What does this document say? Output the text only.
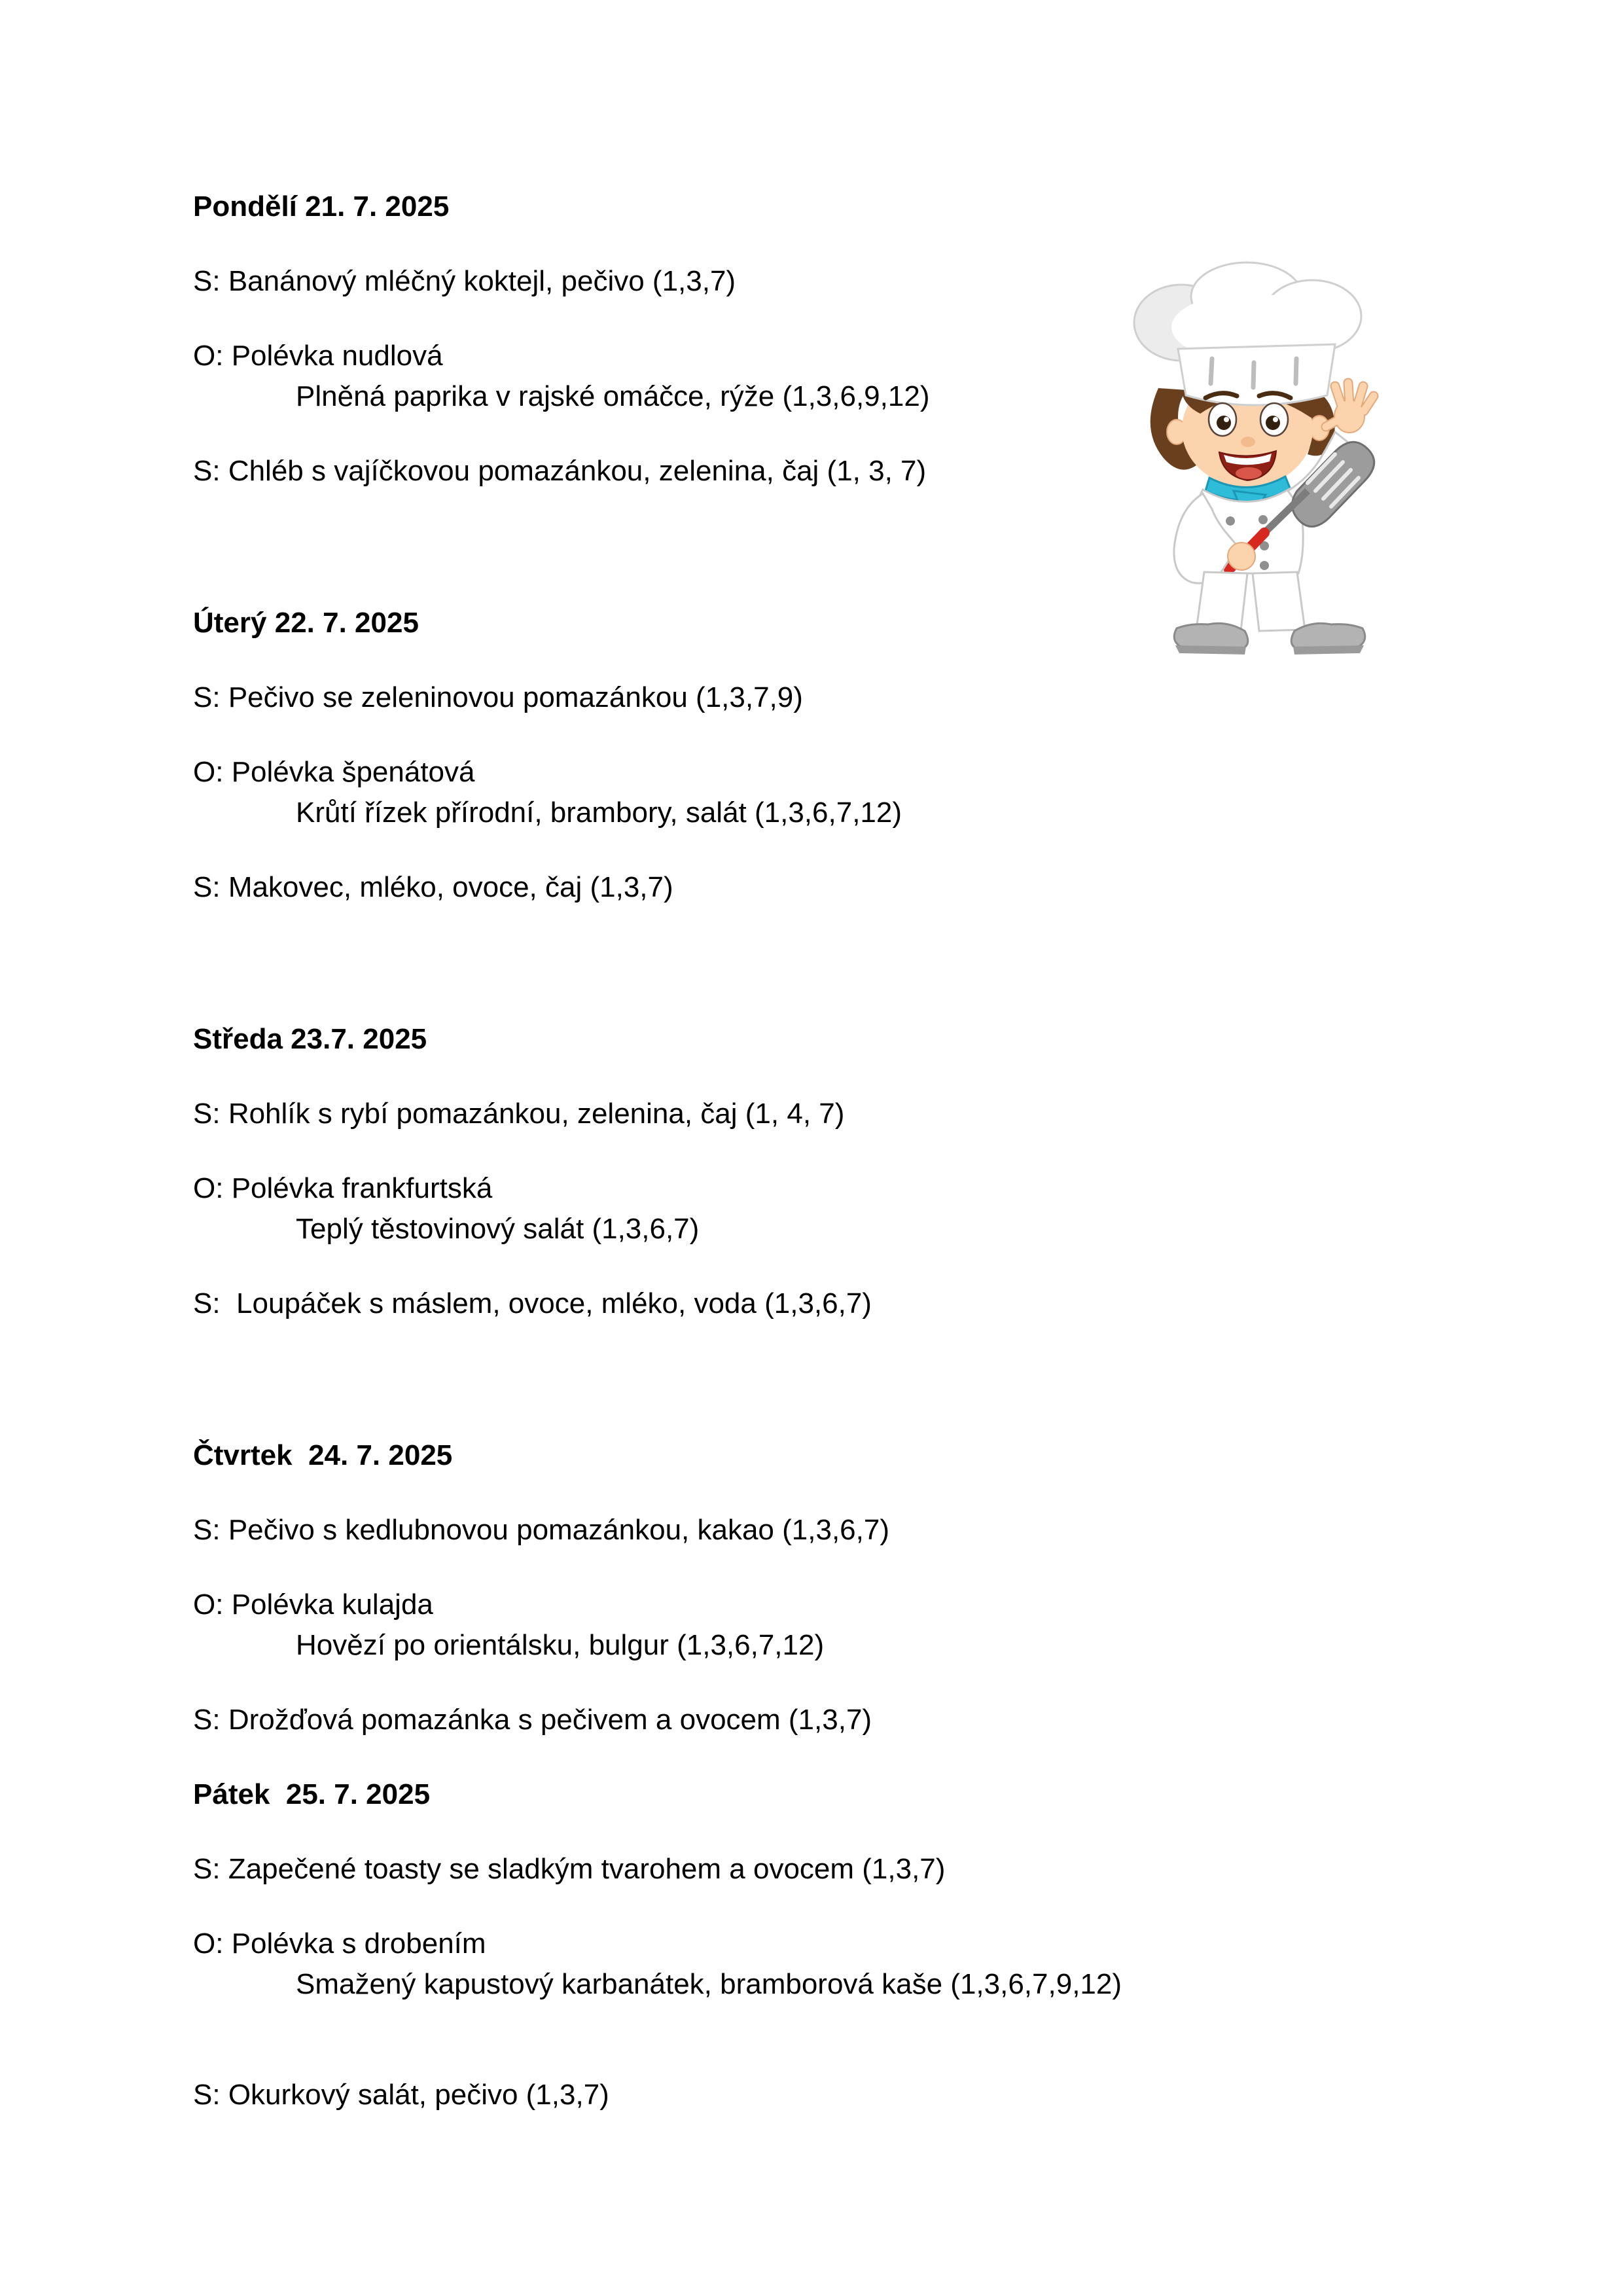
Pondělí 21. 7. 2025

S: Banánový mléčný koktejl, pečivo (1,3,7)

O: Polévka nudlová
Plněná paprika v rajské omáčce, rýže (1,3,6,9,12)

S: Chléb s vajíčkovou pomazánkou, zelenina, čaj (1, 3, 7)

Úterý 22. 7. 2025

S: Pečivo se zeleninovou pomazánkou (1,3,7,9)

O: Polévka špenátová
Krůtí řízek přírodní, brambory, salát (1,3,6,7,12)

S: Makovec, mléko, ovoce, čaj (1,3,7)

Středa 23.7. 2025

S: Rohlík s rybí pomazánkou, zelenina, čaj (1, 4, 7)

O: Polévka frankfurtská
Teplý těstovinový salát (1,3,6,7)

S:  Loupáček s máslem, ovoce, mléko, voda (1,3,6,7)

Čtvrtek  24. 7. 2025

S: Pečivo s kedlubnovou pomazánkou, kakao (1,3,6,7)

O: Polévka kulajda
Hovězí po orientálsku, bulgur (1,3,6,7,12)

S: Drožďová pomazánka s pečivem a ovocem (1,3,7)

Pátek  25. 7. 2025

S: Zapečené toasty se sladkým tvarohem a ovocem (1,3,7)

O: Polévka s drobením
Smažený kapustový karbanátek, bramborová kaše (1,3,6,7,9,12)

S: Okurkový salát, pečivo (1,3,7)
